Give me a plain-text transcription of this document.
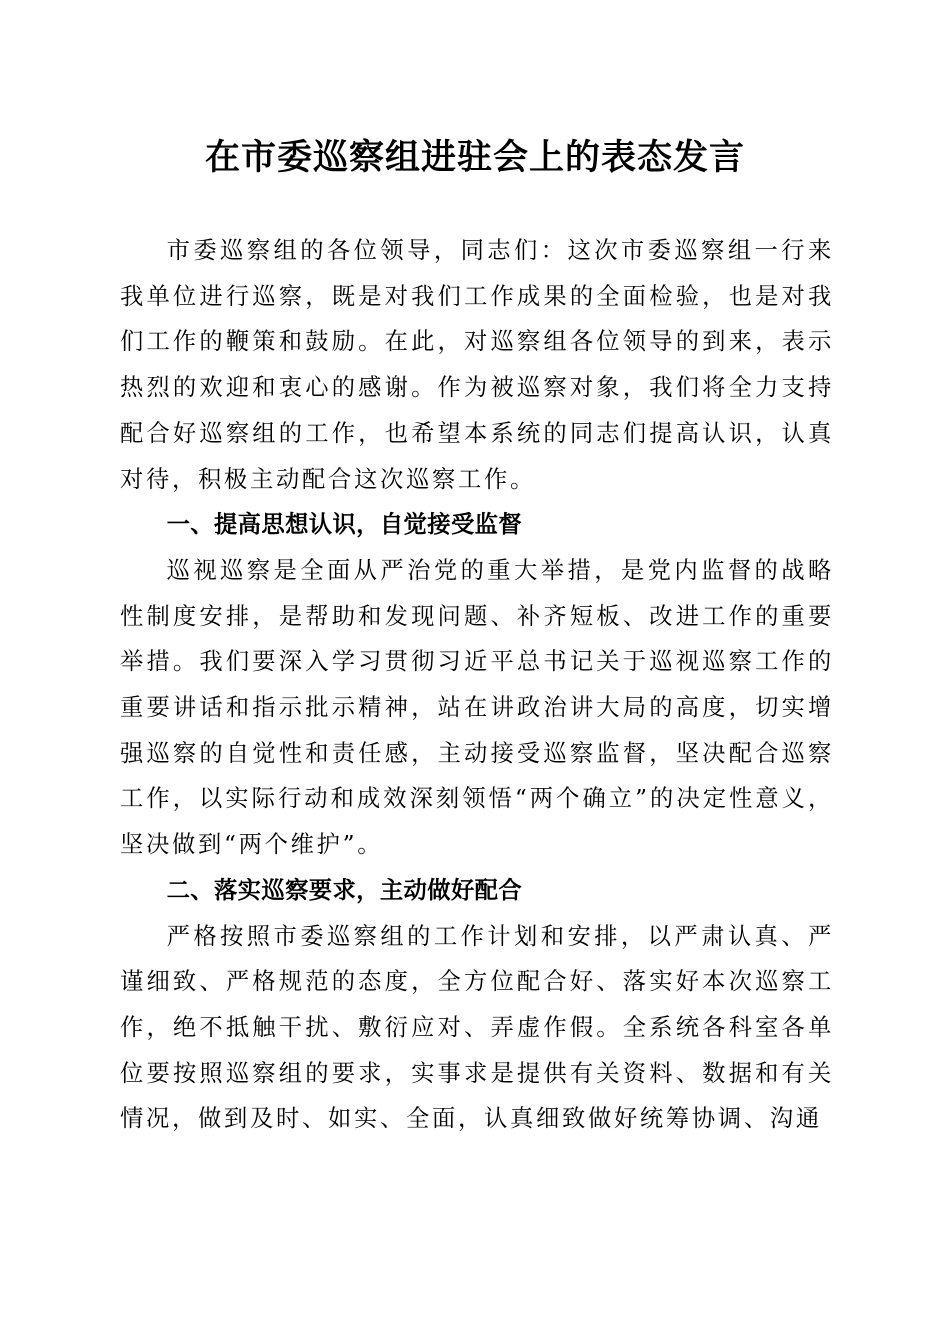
在市委巡察组进驻会上的表态发言

市委巡察组的各位领导，同志们：这次市委巡察组一行来我单位进行巡察，既是对我们工作成果的全面检验，也是对我们工作的鞭策和鼓励。在此，对巡察组各位领导的到来，表示热烈的欢迎和衷心的感谢。作为被巡察对象，我们将全力支持配合好巡察组的工作，也希望本系统的同志们提高认识，认真对待，积极主动配合这次巡察工作。

一、提高思想认识，自觉接受监督

巡视巡察是全面从严治党的重大举措，是党内监督的战略性制度安排，是帮助和发现问题、补齐短板、改进工作的重要举措。我们要深入学习贯彻习近平总书记关于巡视巡察工作的重要讲话和指示批示精神，站在讲政治讲大局的高度，切实增强巡察的自觉性和责任感，主动接受巡察监督，坚决配合巡察工作，以实际行动和成效深刻领悟“两个确立”的决定性意义，坚决做到“两个维护”。

二、落实巡察要求，主动做好配合

严格按照市委巡察组的工作计划和安排，以严肃认真、严谨细致、严格规范的态度，全方位配合好、落实好本次巡察工作，绝不抵触干扰、敷衍应对、弄虚作假。全系统各科室各单位要按照巡察组的要求，实事求是提供有关资料、数据和有关情况，做到及时、如实、全面，认真细致做好统筹协调、沟通
